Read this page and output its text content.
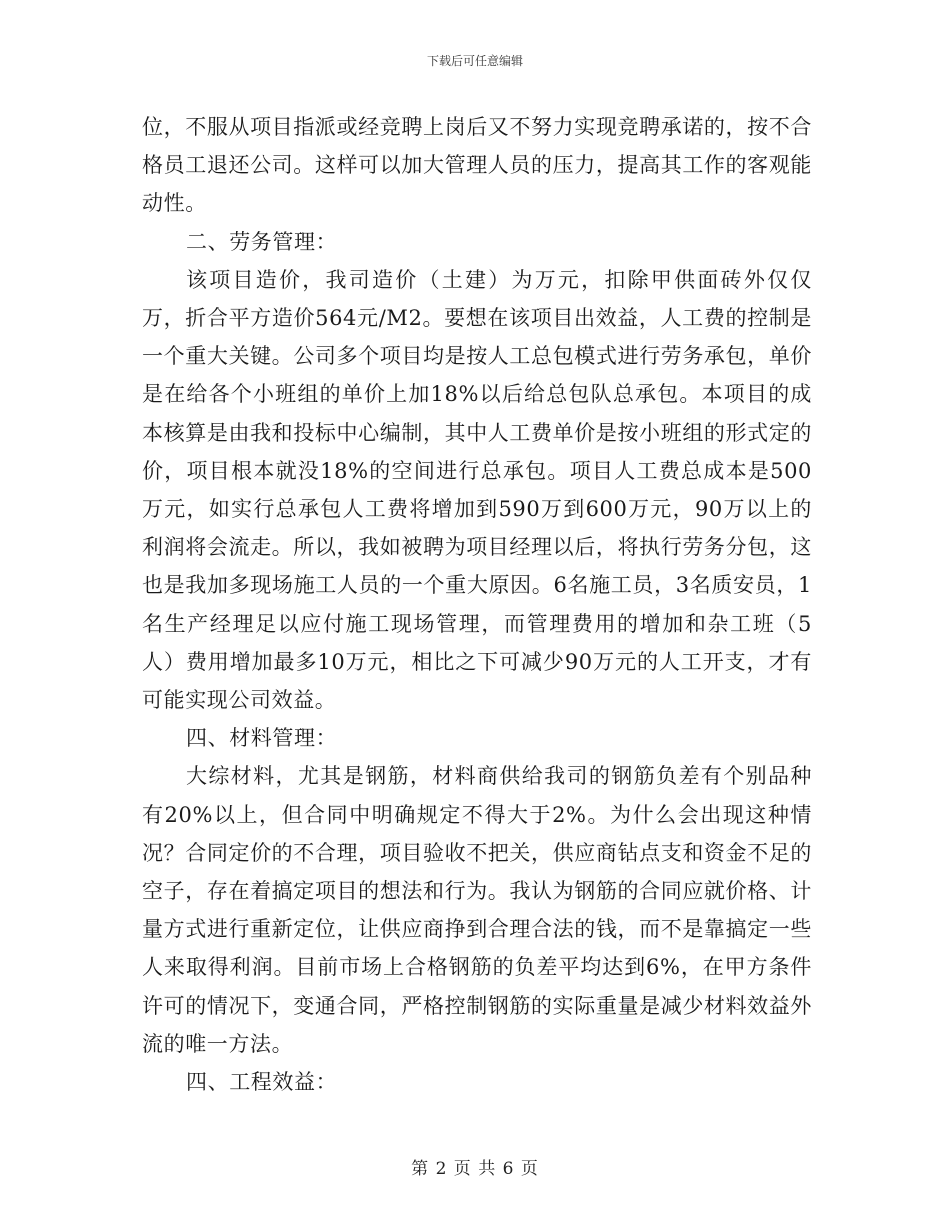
下载后可任意编辑

位，不服从项目指派或经竞聘上岗后又不努力实现竞聘承诺的，按不合格员工退还公司。这样可以加大管理人员的压力，提高其工作的客观能动性。

二、劳务管理：

该项目造价，我司造价（土建）为万元，扣除甲供面砖外仅仅万，折合平方造价564元/M2。要想在该项目出效益，人工费的控制是一个重大关键。公司多个项目均是按人工总包模式进行劳务承包，单价是在给各个小班组的单价上加18%以后给总包队总承包。本项目的成本核算是由我和投标中心编制，其中人工费单价是按小班组的形式定的价，项目根本就没18%的空间进行总承包。项目人工费总成本是500万元，如实行总承包人工费将增加到590万到600万元，90万以上的利润将会流走。所以，我如被聘为项目经理以后，将执行劳务分包，这也是我加多现场施工人员的一个重大原因。6名施工员，3名质安员，1名生产经理足以应付施工现场管理，而管理费用的增加和杂工班（5人）费用增加最多10万元，相比之下可减少90万元的人工开支，才有可能实现公司效益。

四、材料管理：

大综材料，尤其是钢筋，材料商供给我司的钢筋负差有个别品种有20%以上，但合同中明确规定不得大于2%。为什么会出现这种情况？合同定价的不合理，项目验收不把关，供应商钻点支和资金不足的空子，存在着搞定项目的想法和行为。我认为钢筋的合同应就价格、计量方式进行重新定位，让供应商挣到合理合法的钱，而不是靠搞定一些人来取得利润。目前市场上合格钢筋的负差平均达到6%，在甲方条件许可的情况下，变通合同，严格控制钢筋的实际重量是减少材料效益外流的唯一方法。

四、工程效益：

第 2 页 共 6 页
